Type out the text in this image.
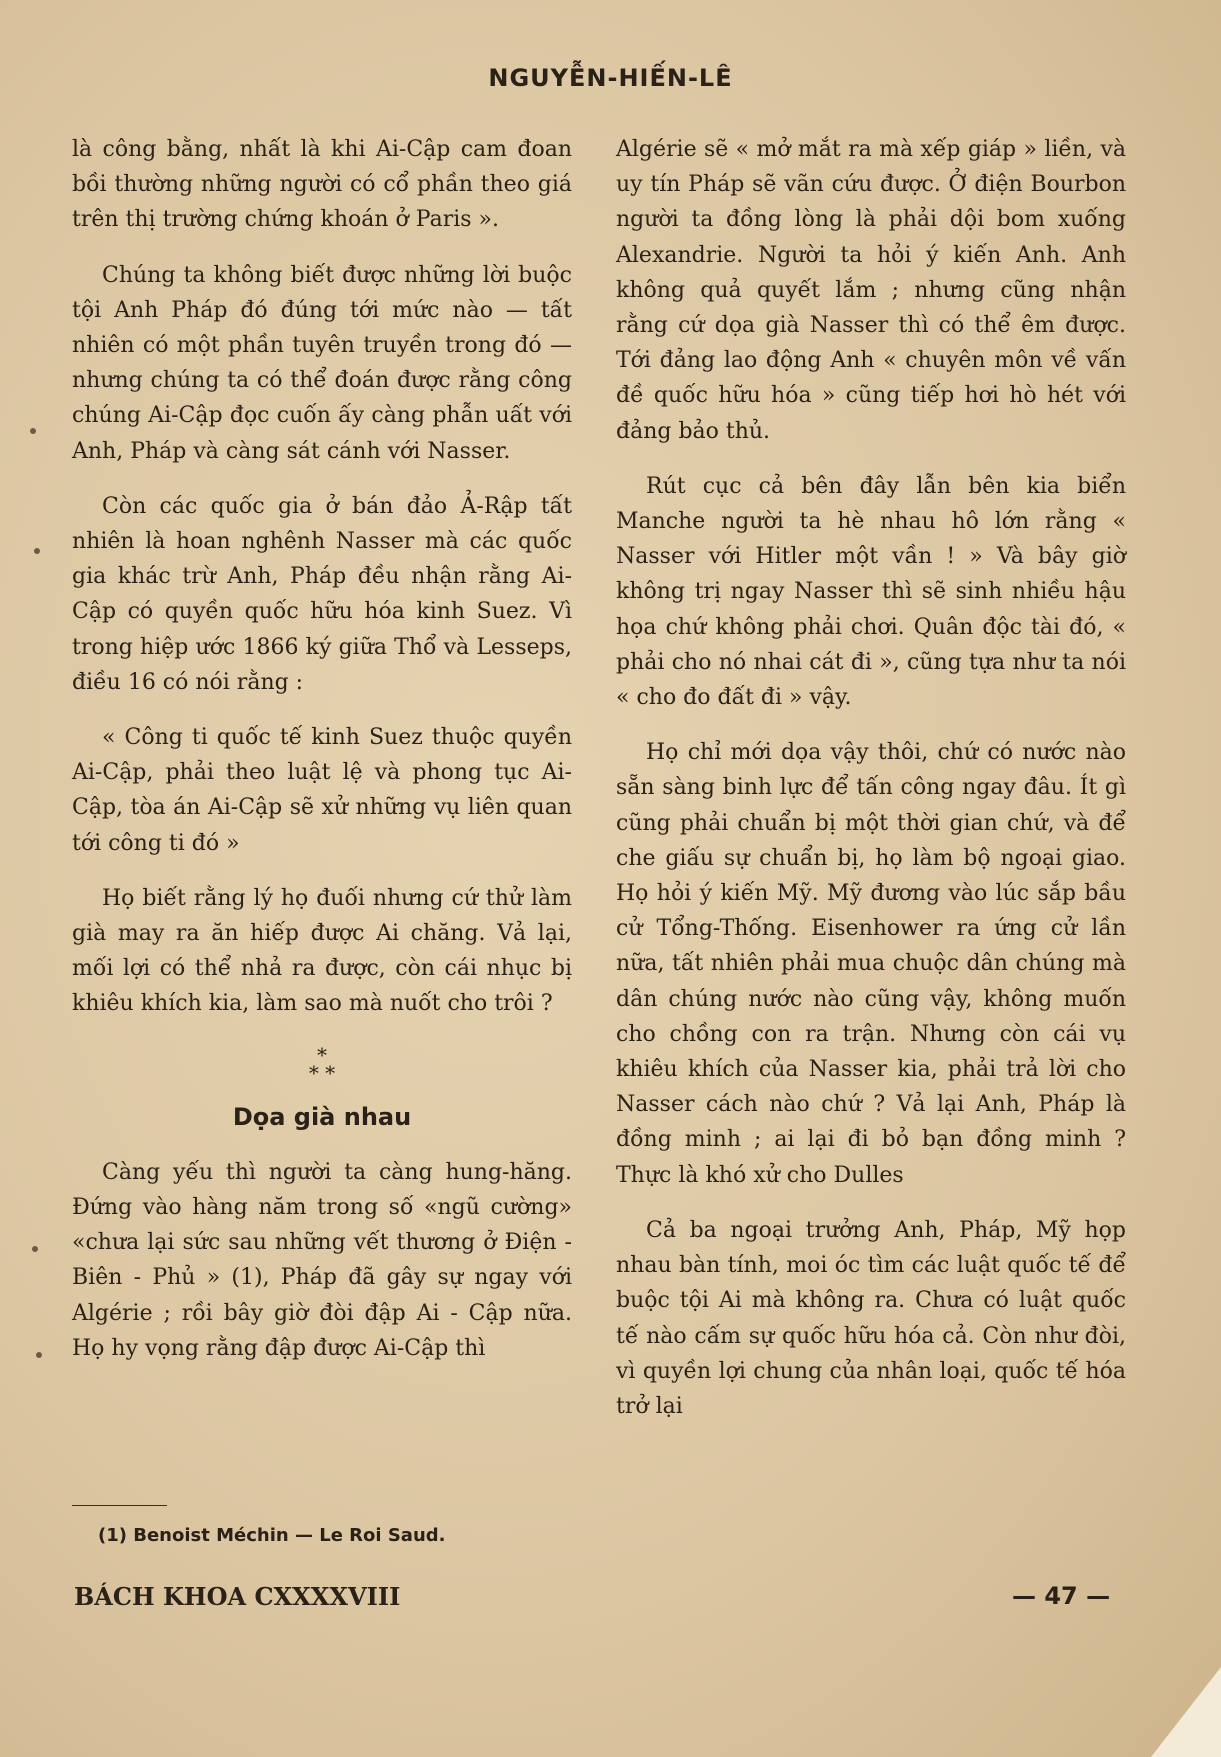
NGUYỄN-HIẾN-LÊ

là công bằng, nhất là khi Ai-Cập cam đoan bồi thường những người có cổ phần theo giá trên thị trường chứng khoán ở Paris ».

Chúng ta không biết được những lời buộc tội Anh Pháp đó đúng tới mức nào — tất nhiên có một phần tuyên truyền trong đó — nhưng chúng ta có thể đoán được rằng công chúng Ai-Cập đọc cuốn ấy càng phẫn uất với Anh, Pháp và càng sát cánh với Nasser.

Còn các quốc gia ở bán đảo Ả-Rập tất nhiên là hoan nghênh Nasser mà các quốc gia khác trừ Anh, Pháp đều nhận rằng Ai-Cập có quyền quốc hữu hóa kinh Suez. Vì trong hiệp ước 1866 ký giữa Thổ và Lesseps, điều 16 có nói rằng :

« Công ti quốc tế kinh Suez thuộc quyền Ai-Cập, phải theo luật lệ và phong tục Ai-Cập, tòa án Ai-Cập sẽ xử những vụ liên quan tới công ti đó »

Họ biết rằng lý họ đuối nhưng cứ thử làm già may ra ăn hiếp được Ai chăng. Vả lại, mối lợi có thể nhả ra được, còn cái nhục bị khiêu khích kia, làm sao mà nuốt cho trôi ?

*
* *
Dọa già nhau

Càng yếu thì người ta càng hung-hăng. Đứng vào hàng năm trong số «ngũ cường» «chưa lại sức sau những vết thương ở Điện - Biên - Phủ » (1), Pháp đã gây sự ngay với Algérie ; rồi bây giờ đòi đập Ai - Cập nữa. Họ hy vọng rằng đập được Ai-Cập thì

Algérie sẽ « mở mắt ra mà xếp giáp » liền, và uy tín Pháp sẽ vãn cứu được. Ở điện Bourbon người ta đồng lòng là phải dội bom xuống Alexandrie. Người ta hỏi ý kiến Anh. Anh không quả quyết lắm ; nhưng cũng nhận rằng cứ dọa già Nasser thì có thể êm được. Tới đảng lao động Anh « chuyên môn về vấn đề quốc hữu hóa » cũng tiếp hơi hò hét với đảng bảo thủ.

Rút cục cả bên đây lẫn bên kia biển Manche người ta hè nhau hô lớn rằng « Nasser với Hitler một vần ! » Và bây giờ không trị ngay Nasser thì sẽ sinh nhiều hậu họa chứ không phải chơi. Quân độc tài đó, « phải cho nó nhai cát đi », cũng tựa như ta nói « cho đo đất đi » vậy.

Họ chỉ mới dọa vậy thôi, chứ có nước nào sẵn sàng binh lực để tấn công ngay đâu. Ít gì cũng phải chuẩn bị một thời gian chứ, và để che giấu sự chuẩn bị, họ làm bộ ngoại giao. Họ hỏi ý kiến Mỹ. Mỹ đương vào lúc sắp bầu cử Tổng-Thống. Eisenhower ra ứng cử lần nữa, tất nhiên phải mua chuộc dân chúng mà dân chúng nước nào cũng vậy, không muốn cho chồng con ra trận. Nhưng còn cái vụ khiêu khích của Nasser kia, phải trả lời cho Nasser cách nào chứ ? Vả lại Anh, Pháp là đồng minh ; ai lại đi bỏ bạn đồng minh ? Thực là khó xử cho Dulles

Cả ba ngoại trưởng Anh, Pháp, Mỹ họp nhau bàn tính, moi óc tìm các luật quốc tế để buộc tội Ai mà không ra. Chưa có luật quốc tế nào cấm sự quốc hữu hóa cả. Còn như đòi, vì quyền lợi chung của nhân loại, quốc tế hóa trở lại

(1) Benoist Méchin — Le Roi Saud.
BÁCH KHOA CXXXXVIII	— 47 —
